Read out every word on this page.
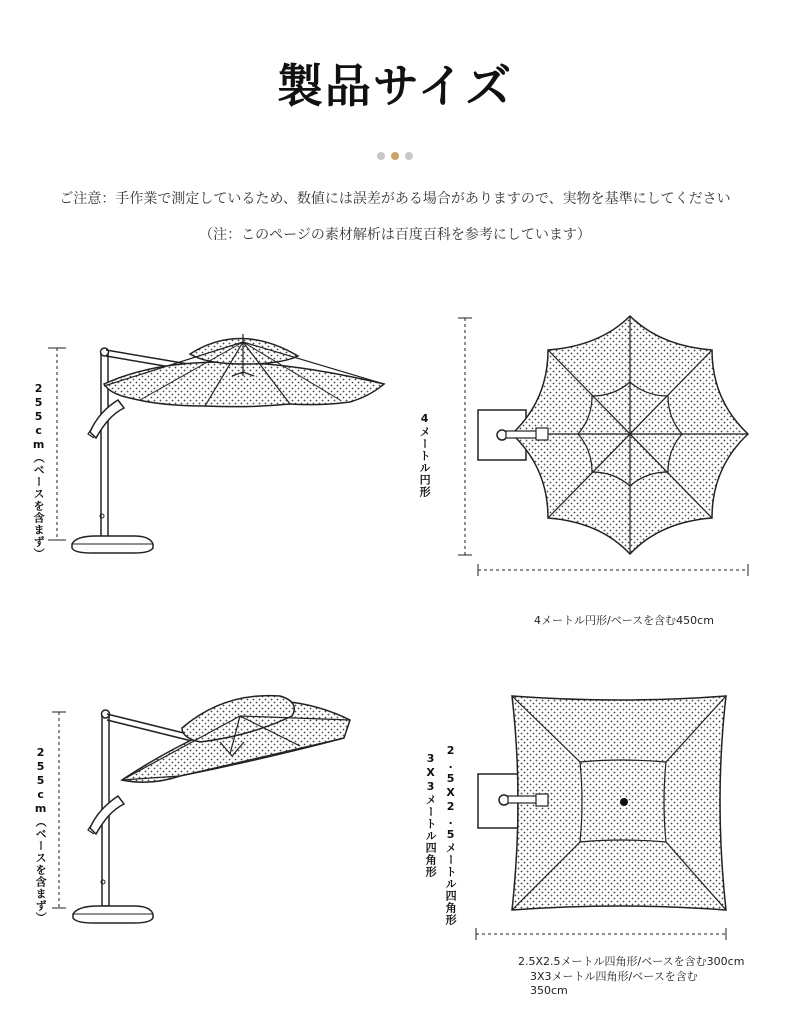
製品サイズ

ご注意：手作業で測定しているため、数値には誤差がある場合がありますので、実物を基準にしてください
（注：このページの素材解析は百度百科を参考にしています）
255cm（ベースを含まず）	4メートル円形
4メートル円形/ベースを含む450cm
255cm（ベースを含まず）	3X3メートル四角形 2.5X2.5メートル四角形
2.5X2.5メートル四角形/ベースを含む300cm
3X3メートル四角形/ベースを含む
350cm
